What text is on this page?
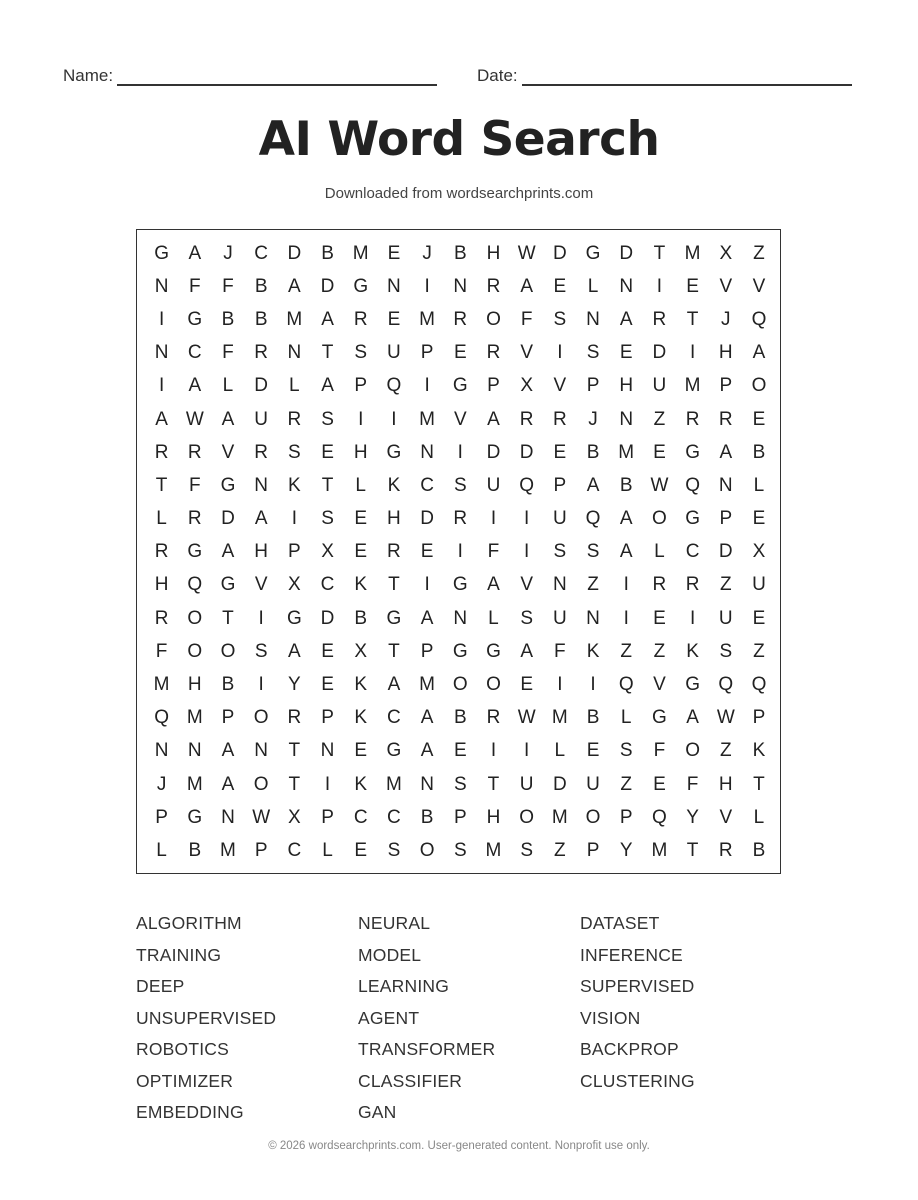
Name:	Date:
AI Word Search
Downloaded from wordsearchprints.com
G	A	J	C	D	B M E	J	B	H W D G D	T	M X	Z
N	F	F	B	A	D G N	I	N	R	A	E	L	N	I	E	V	V
I	G	B	B M A	R	E M R O	F	S	N	A	R	T	J	Q
N	C	F	R	N	T	S	U	P	E	R	V	I	S	E	D	I	H	A
I	A	L	D	L	A	P	Q	I	G	P	X	V	P	H	U M P	O
A W A	U	R	S	I	I	M V	A	R	R	J	N	Z	R	R	E
R	R	V	R	S	E	H G N	I	D	D	E	B M E	G	A	B
T	F	G N	K	T	L	K	C	S	U Q	P	A	B W Q N	L
L	R	D	A	I	S	E	H	D	R	I	I	U Q	A	O G	P	E
R G	A	H	P	X	E	R	E	I	F	I	S	S	A	L	C	D	X
H Q G	V	X	C	K	T	I	G	A	V	N	Z	I	R	R	Z	U
R O	T	I	G D	B	G	A	N	L	S	U	N	I	E	I	U	E
F	O O	S	A	E	X	T	P	G G	A	F	K	Z	Z	K	S	Z
M H	B	I	Y	E	K	A M O O	E	I	I	Q	V	G Q Q
Q M P	O R	P	K	C	A	B	R W M B	L	G	A W P
N	N	A	N	T	N	E	G	A	E	I	I	L	E	S	F	O	Z	K
J	M A	O	T	I	K M N	S	T	U	D	U	Z	E	F	H	T
P	G N W X	P	C	C	B	P	H O M O	P	Q	Y	V	L
L	B M P	C	L	E	S	O	S M S	Z	P	Y M	T	R	B
ALGORITHM
TRAINING
DEEP
UNSUPERVISED
ROBOTICS
OPTIMIZER
EMBEDDING
NEURAL
MODEL
LEARNING
AGENT
TRANSFORMER
CLASSIFIER
GAN
DATASET
INFERENCE
SUPERVISED
VISION
BACKPROP
CLUSTERING
© 2026 wordsearchprints.com. User-generated content. Nonprofit use only.
